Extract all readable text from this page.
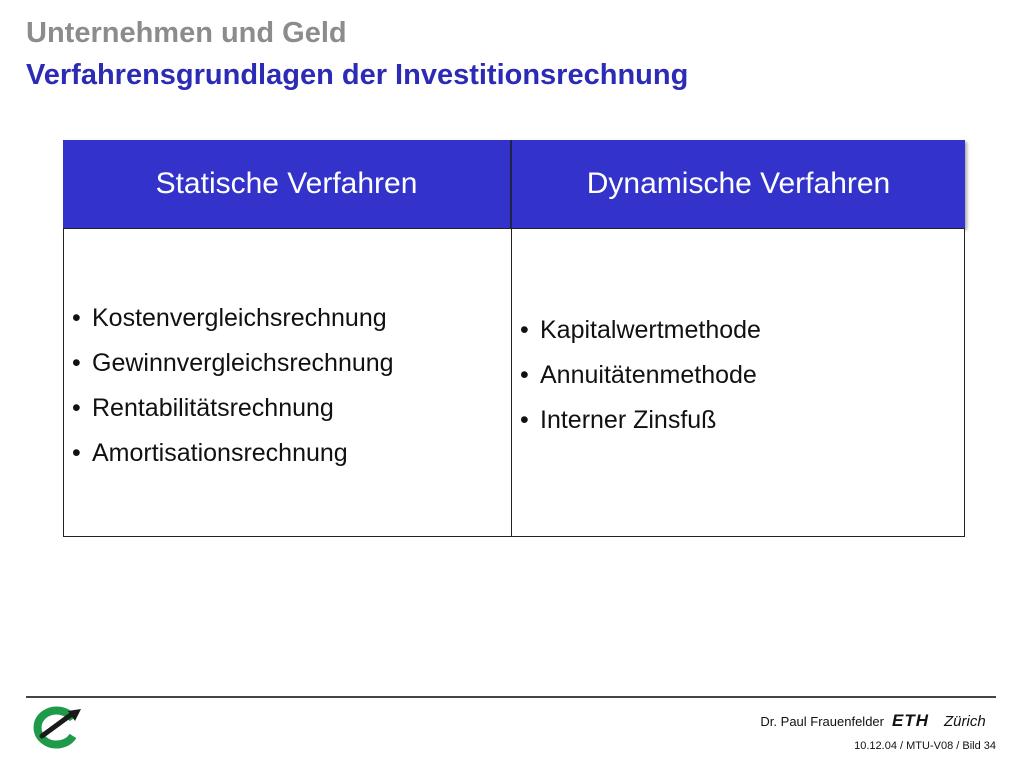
Unternehmen und Geld
Verfahrensgrundlagen der Investitionsrechnung
Statische Verfahren	Dynamische Verfahren
• Kostenvergleichsrechnung
• Gewinnvergleichsrechnung
• Rentabilitätsrechnung
• Amortisationsrechnung
• Kapitalwertmethode
• Annuitätenmethode
• Interner Zinsfuß
Dr. Paul Frauenfelder ETH Zürich
10.12.04 / MTU-V08 / Bild 34
